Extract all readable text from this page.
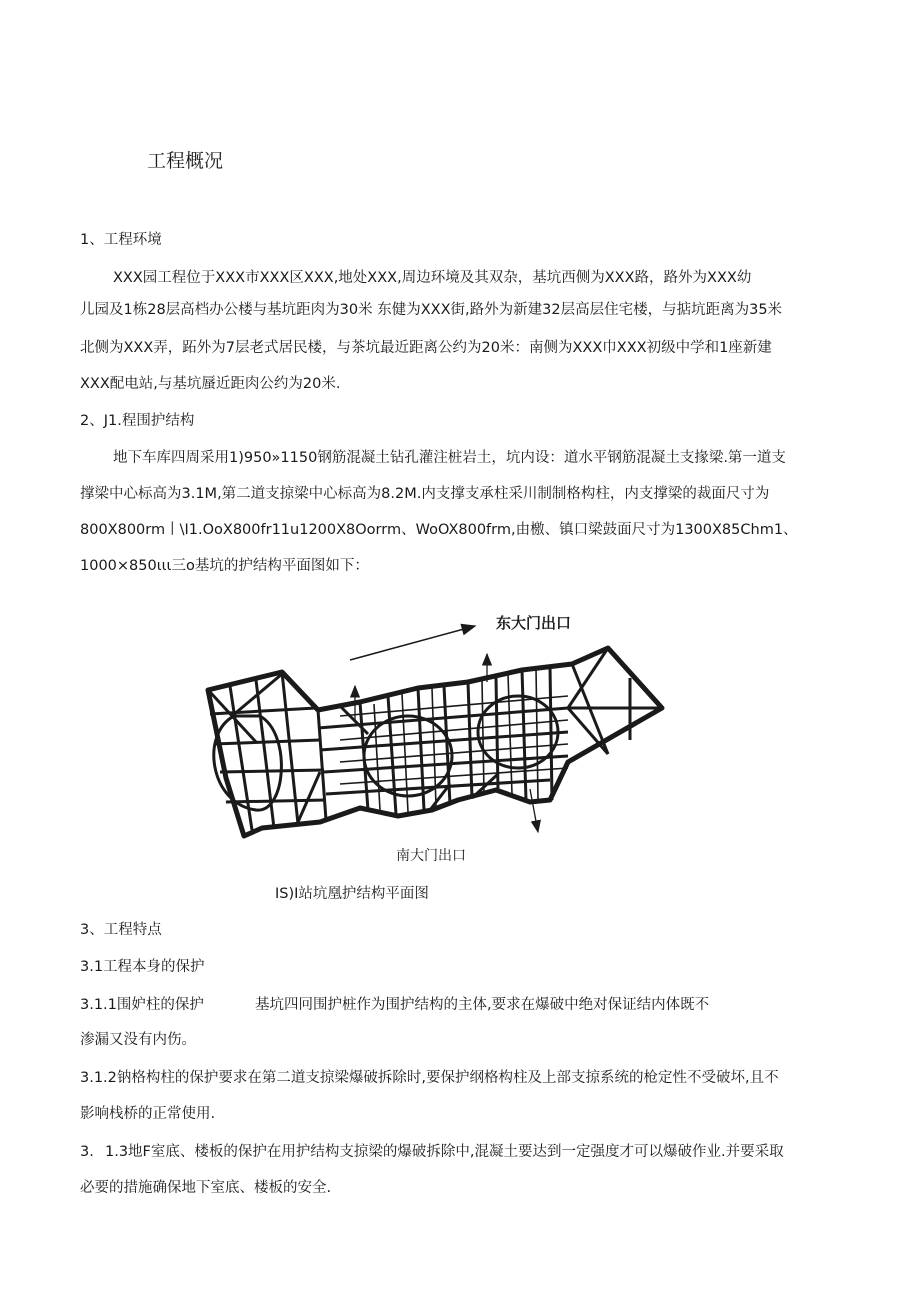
工程概况
1、工程环境
XXX园工程位于XXX市XXX区XXX,地处XXX,周边环境及其双杂，基坑西侧为XXX路，路外为XXX幼
儿园及1栋28层高档办公楼与基坑距肉为30米 东健为XXX街,路外为新建32层高层住宅楼，与掂坑距离为35米
北侧为XXX弄，跖外为7层老式居民楼，与茶坑最近距离公约为20米：南侧为XXX巾XXX初级中学和1座新建
XXX配电站,与基坑蜃近距肉公约为20米.
2、J1.程围护结构
地下车库四周采用1)950»1150钢筋混凝土钻孔灌注桩岩土，坑内设：道水平钢筋混凝土支掾梁.第一道支
撑梁中心标高为3.1M,第二道支掠梁中心标高为8.2M.内支撑支承柱采川制制格构柱，内支撑梁的裁面尺寸为
800X800rm丨\I1.OoX800fr11u1200X8Oorrm、WoOX800frm,由檄、镇口梁鼓面尺寸为1300X85Chm1、
1000×850ιιι三o基坑的护结构平面图如下：
东大门出口
南大门出口
IS)I站坑凰护结构平面图
3、工程特点
3.1工程本身的保护
3.1.1围妒柱的保护	基坑四冋围护桩作为围护结构的主体,要求在爆破中绝对保证结内体既不
渗漏又没有内伤。
3.1.2钠格构柱的保护要求在第二道支掠梁爆破拆除时,要保护纲格构柱及上部支掠系统的枪定性不受破坏,且不
影响栈桥的正常使用.
3. 1.3地F室底、楼板的保护在用护结构支掠梁的爆破拆除中,混凝土要达到一定强度才可以爆破作业.并要采取
必要的措施确保地下室底、楼板的安全.
